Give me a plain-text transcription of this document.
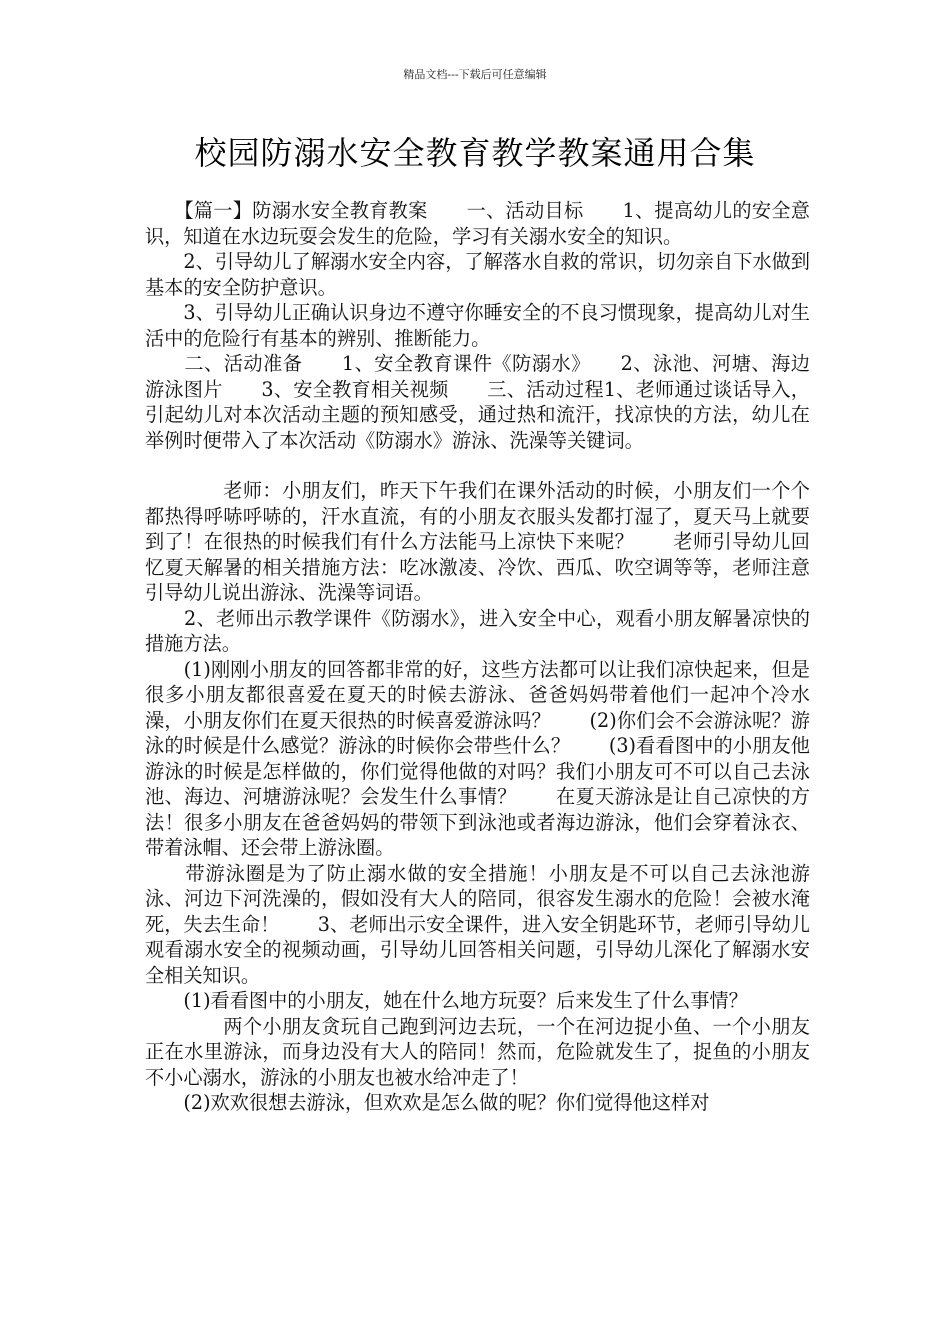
精品文档---下载后可任意编辑
校园防溺水安全教育教学教案通用合集

　　【篇一】防溺水安全教育教案　　一、活动目标　　1、提高幼儿的安全意识，知道在水边玩耍会发生的危险，学习有关溺水安全的知识。

　　2、引导幼儿了解溺水安全内容，了解落水自救的常识，切勿亲自下水做到基本的安全防护意识。

　　3、引导幼儿正确认识身边不遵守你睡安全的不良习惯现象，提高幼儿对生活中的危险行有基本的辨别、推断能力。

　　二、活动准备　　1、安全教育课件《防溺水》　　2、泳池、河塘、海边游泳图片　　3、安全教育相关视频　　三、活动过程1、老师通过谈话导入，引起幼儿对本次活动主题的预知感受，通过热和流汗，找凉快的方法，幼儿在举例时便带入了本次活动《防溺水》游泳、洗澡等关键词。

　　　　老师：小朋友们，昨天下午我们在课外活动的时候，小朋友们一个个都热得呼哧呼哧的，汗水直流，有的小朋友衣服头发都打湿了，夏天马上就要到了！在很热的时候我们有什么方法能马上凉快下来呢？　　老师引导幼儿回忆夏天解暑的相关措施方法：吃冰激凌、冷饮、西瓜、吹空调等等，老师注意引导幼儿说出游泳、洗澡等词语。

　　2、老师出示教学课件《防溺水》，进入安全中心，观看小朋友解暑凉快的措施方法。

　　(1)刚刚小朋友的回答都非常的好，这些方法都可以让我们凉快起来，但是很多小朋友都很喜爱在夏天的时候去游泳、爸爸妈妈带着他们一起冲个冷水澡，小朋友你们在夏天很热的时候喜爱游泳吗？　　(2)你们会不会游泳呢？游泳的时候是什么感觉？游泳的时候你会带些什么？　　(3)看看图中的小朋友他游泳的时候是怎样做的，你们觉得他做的对吗？我们小朋友可不可以自己去泳池、海边、河塘游泳呢？会发生什么事情？　　在夏天游泳是让自己凉快的方法！很多小朋友在爸爸妈妈的带领下到泳池或者海边游泳，他们会穿着泳衣、带着泳帽、还会带上游泳圈。

　　带游泳圈是为了防止溺水做的安全措施！小朋友是不可以自己去泳池游泳、河边下河洗澡的，假如没有大人的陪同，很容发生溺水的危险！会被水淹死，失去生命！　　3、老师出示安全课件，进入安全钥匙环节，老师引导幼儿观看溺水安全的视频动画，引导幼儿回答相关问题，引导幼儿深化了解溺水安全相关知识。

　　(1)看看图中的小朋友，她在什么地方玩耍？后来发生了什么事情？

　　　　两个小朋友贪玩自己跑到河边去玩，一个在河边捉小鱼、一个小朋友正在水里游泳，而身边没有大人的陪同！然而，危险就发生了，捉鱼的小朋友不小心溺水，游泳的小朋友也被水给冲走了！

　　(2)欢欢很想去游泳，但欢欢是怎么做的呢？你们觉得他这样对
